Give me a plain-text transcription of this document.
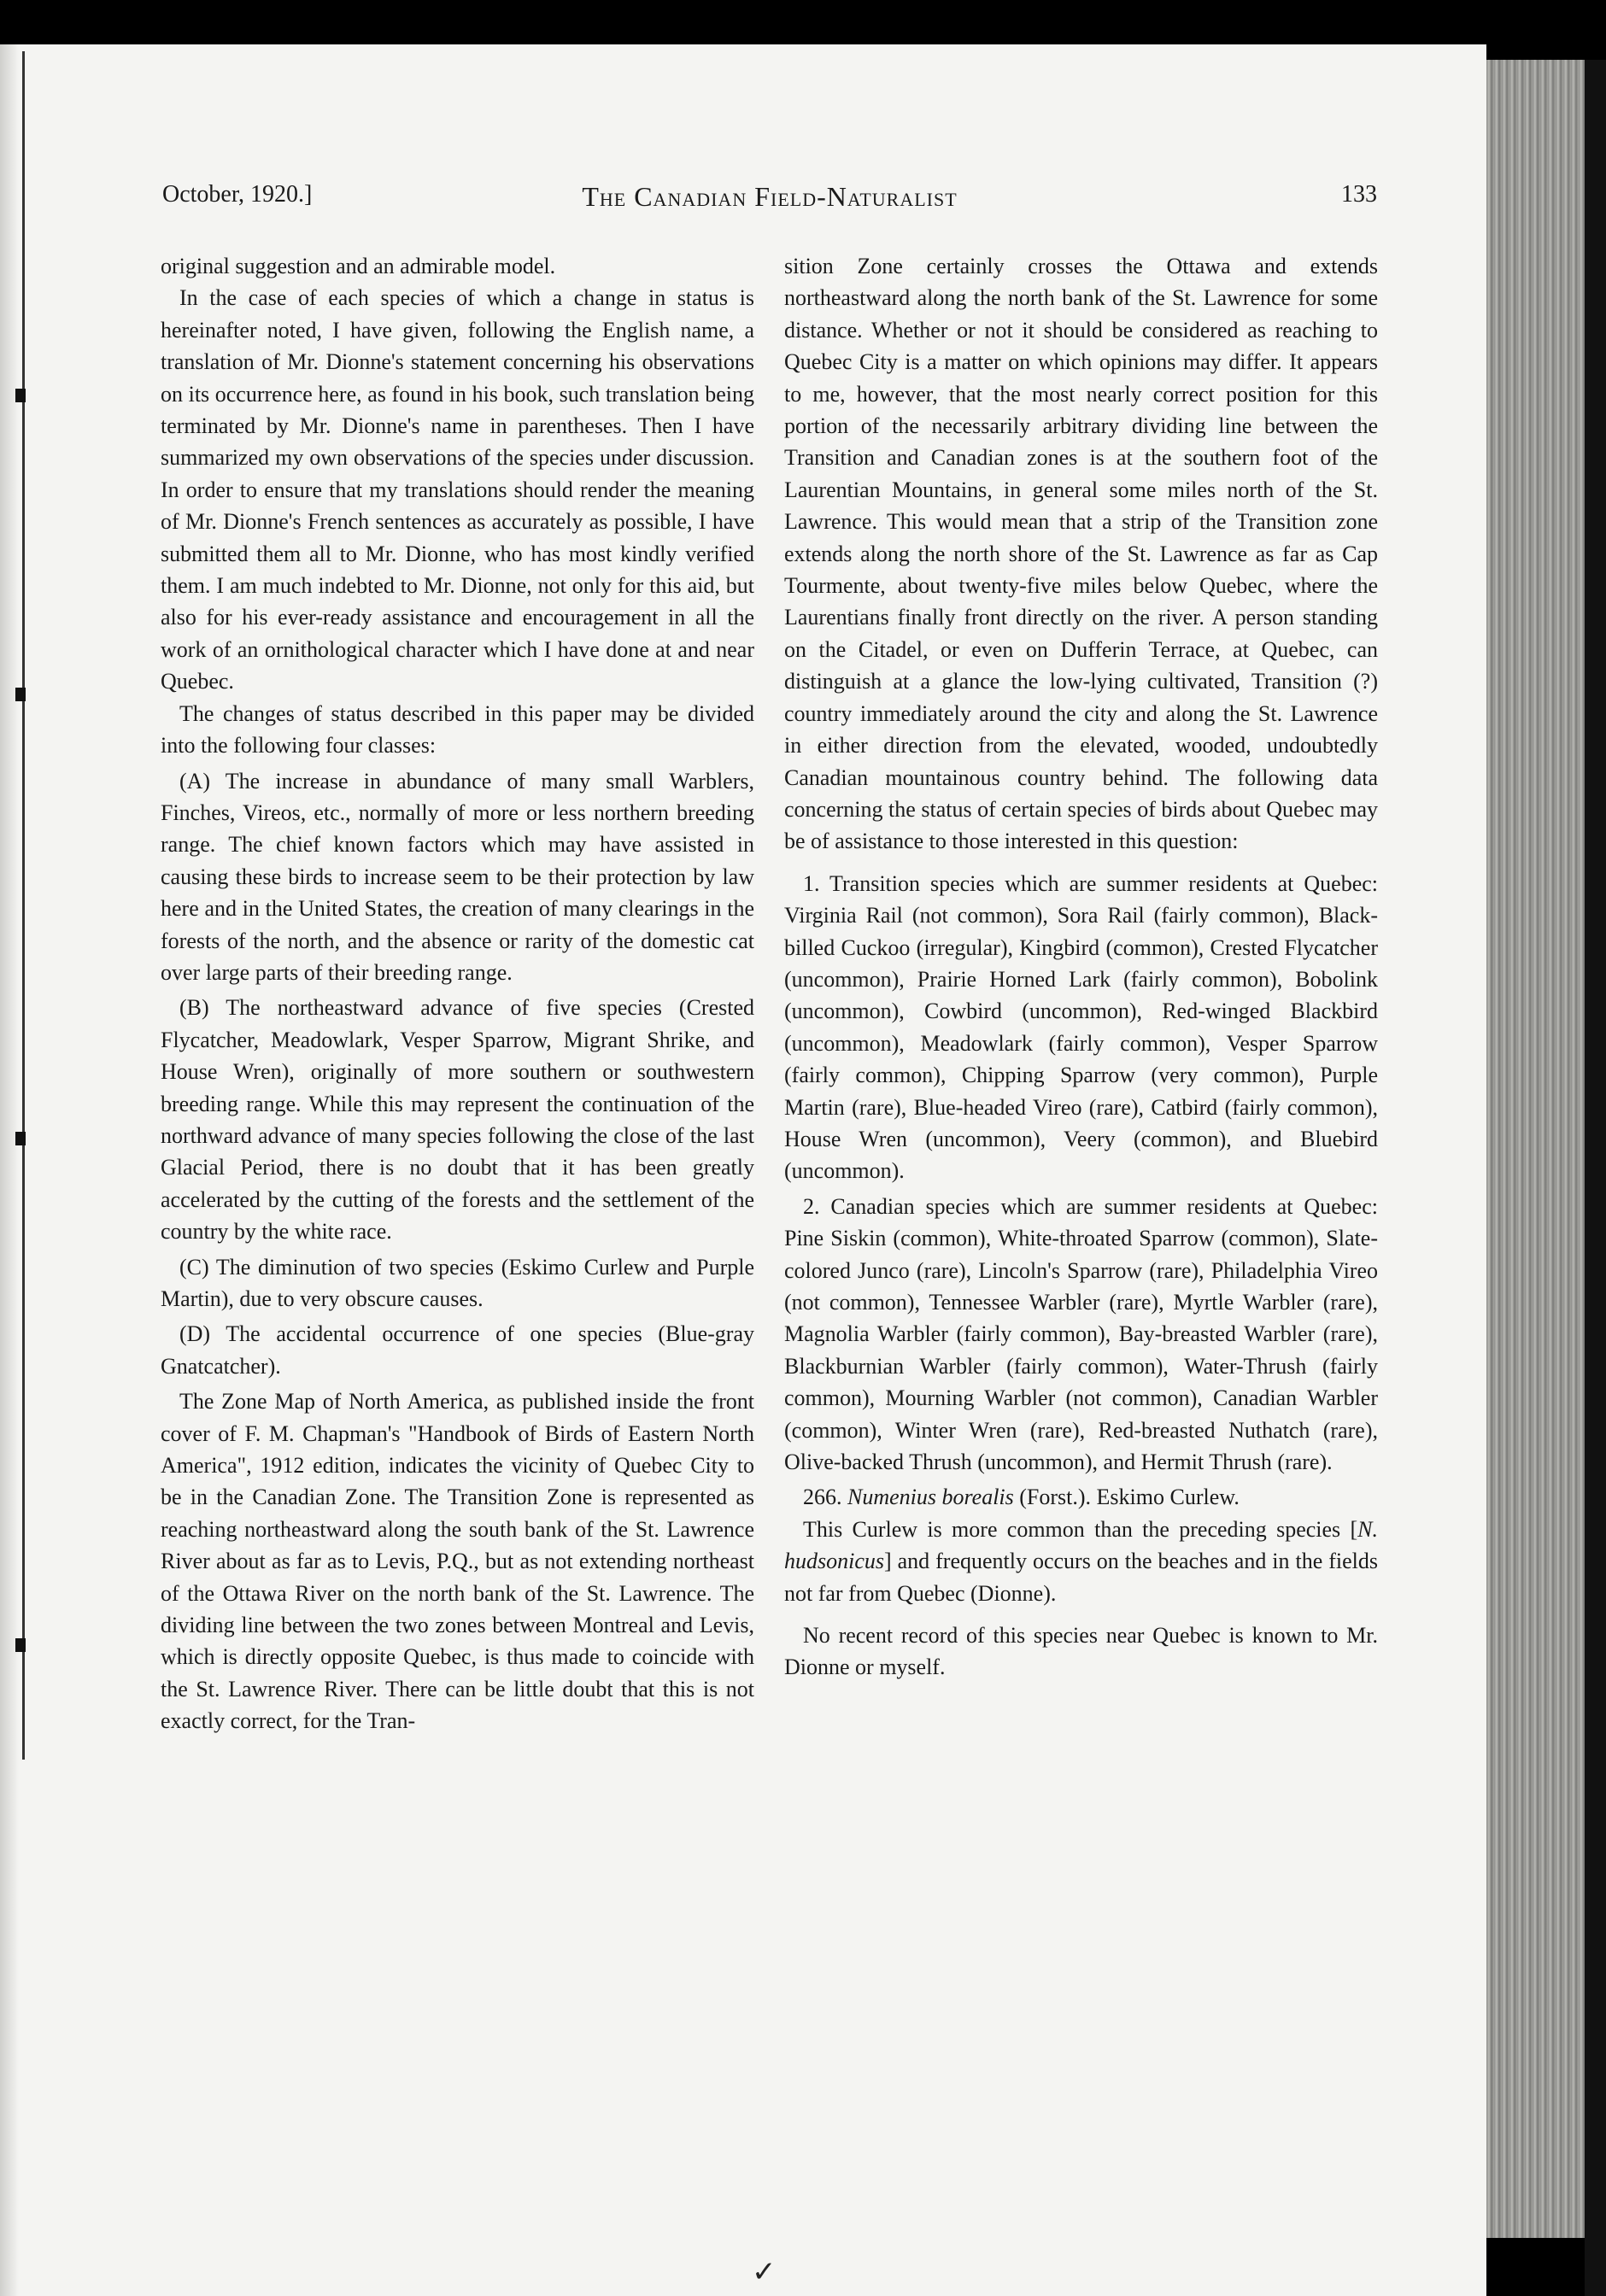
October, 1920.]	The Canadian Field-Naturalist	133

original suggestion and an admirable model.

In the case of each species of which a change in status is hereinafter noted, I have given, following the English name, a translation of Mr. Dionne's statement concerning his observations on its occurrence here, as found in his book, such translation being terminated by Mr. Dionne's name in parentheses. Then I have summarized my own observations of the species under discussion. In order to ensure that my translations should render the meaning of Mr. Dionne's French sentences as accurately as possible, I have submitted them all to Mr. Dionne, who has most kindly verified them. I am much indebted to Mr. Dionne, not only for this aid, but also for his ever-ready assistance and encouragement in all the work of an ornithological character which I have done at and near Quebec.

The changes of status described in this paper may be divided into the following four classes:

(A) The increase in abundance of many small Warblers, Finches, Vireos, etc., normally of more or less northern breeding range. The chief known factors which may have assisted in causing these birds to increase seem to be their protection by law here and in the United States, the creation of many clearings in the forests of the north, and the absence or rarity of the domestic cat over large parts of their breeding range.

(B) The northeastward advance of five species (Crested Flycatcher, Meadowlark, Vesper Sparrow, Migrant Shrike, and House Wren), originally of more southern or southwestern breeding range. While this may represent the continuation of the northward advance of many species following the close of the last Glacial Period, there is no doubt that it has been greatly accelerated by the cutting of the forests and the settlement of the country by the white race.

(C) The diminution of two species (Eskimo Curlew and Purple Martin), due to very obscure causes.

(D) The accidental occurrence of one species (Blue-gray Gnatcatcher).

The Zone Map of North America, as published inside the front cover of F. M. Chapman's "Handbook of Birds of Eastern North America", 1912 edition, indicates the vicinity of Quebec City to be in the Canadian Zone. The Transition Zone is represented as reaching northeastward along the south bank of the St. Lawrence River about as far as to Levis, P.Q., but as not extending northeast of the Ottawa River on the north bank of the St. Lawrence. The dividing line between the two zones between Montreal and Levis, which is directly opposite Quebec, is thus made to coincide with the St. Lawrence River. There can be little doubt that this is not exactly correct, for the Tran-

sition Zone certainly crosses the Ottawa and extends northeastward along the north bank of the St. Lawrence for some distance. Whether or not it should be considered as reaching to Quebec City is a matter on which opinions may differ. It appears to me, however, that the most nearly correct position for this portion of the necessarily arbitrary dividing line between the Transition and Canadian zones is at the southern foot of the Laurentian Mountains, in general some miles north of the St. Lawrence. This would mean that a strip of the Transition zone extends along the north shore of the St. Lawrence as far as Cap Tourmente, about twenty-five miles below Quebec, where the Laurentians finally front directly on the river. A person standing on the Citadel, or even on Dufferin Terrace, at Quebec, can distinguish at a glance the low-lying cultivated, Transition (?) country immediately around the city and along the St. Lawrence in either direction from the elevated, wooded, undoubtedly Canadian mountainous country behind. The following data concerning the status of certain species of birds about Quebec may be of assistance to those interested in this question:

1. Transition species which are summer residents at Quebec: Virginia Rail (not common), Sora Rail (fairly common), Black-billed Cuckoo (irregular), Kingbird (common), Crested Flycatcher (uncommon), Prairie Horned Lark (fairly common), Bobolink (uncommon), Cowbird (uncommon), Red-winged Blackbird (uncommon), Meadowlark (fairly common), Vesper Sparrow (fairly common), Chipping Sparrow (very common), Purple Martin (rare), Blue-headed Vireo (rare), Catbird (fairly common), House Wren (uncommon), Veery (common), and Bluebird (uncommon).

2. Canadian species which are summer residents at Quebec: Pine Siskin (common), White-throated Sparrow (common), Slate-colored Junco (rare), Lincoln's Sparrow (rare), Philadelphia Vireo (not common), Tennessee Warbler (rare), Myrtle Warbler (rare), Magnolia Warbler (fairly common), Bay-breasted Warbler (rare), Blackburnian Warbler (fairly common), Water-Thrush (fairly common), Mourning Warbler (not common), Canadian Warbler (common), Winter Wren (rare), Red-breasted Nuthatch (rare), Olive-backed Thrush (uncommon), and Hermit Thrush (rare).

266. Numenius borealis (Forst.). Eskimo Curlew.

This Curlew is more common than the preceding species [N. hudsonicus] and frequently occurs on the beaches and in the fields not far from Quebec (Dionne).

No recent record of this species near Quebec is known to Mr. Dionne or myself.

✓
